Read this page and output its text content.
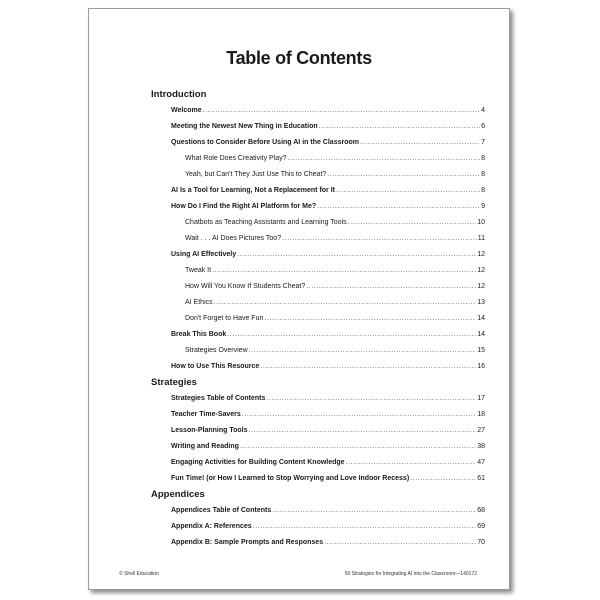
Table of Contents
Introduction
Welcome .....	4
Meeting the Newest New Thing in Education .....	6
Questions to Consider Before Using AI in the Classroom .....	7
What Role Does Creativity Play? .....	8
Yeah, but Can't They Just Use This to Cheat? .....	8
AI Is a Tool for Learning, Not a Replacement for It .....	8
How Do I Find the Right AI Platform for Me? .....	9
Chatbots as Teaching Assistants and Learning Tools .....	10
Wait . . . AI Does Pictures Too? .....	11
Using AI Effectively .....	12
Tweak It .....	12
How Will You Know If Students Cheat? .....	12
AI Ethics .....	13
Don't Forget to Have Fun .....	14
Break This Book .....	14
Strategies Overview .....	15
How to Use This Resource .....	16
Strategies
Strategies Table of Contents .....	17
Teacher Time-Savers .....	18
Lesson-Planning Tools .....	27
Writing and Reading .....	38
Engaging Activities for Building Content Knowledge .....	47
Fun Time! (or How I Learned to Stop Worrying and Love Indoor Recess) .....	61
Appendices
Appendices Table of Contents .....	68
Appendix A: References .....	69
Appendix B: Sample Prompts and Responses .....	70
© Shell Education	50 Strategies for Integrating AI into the Classroom—140172
